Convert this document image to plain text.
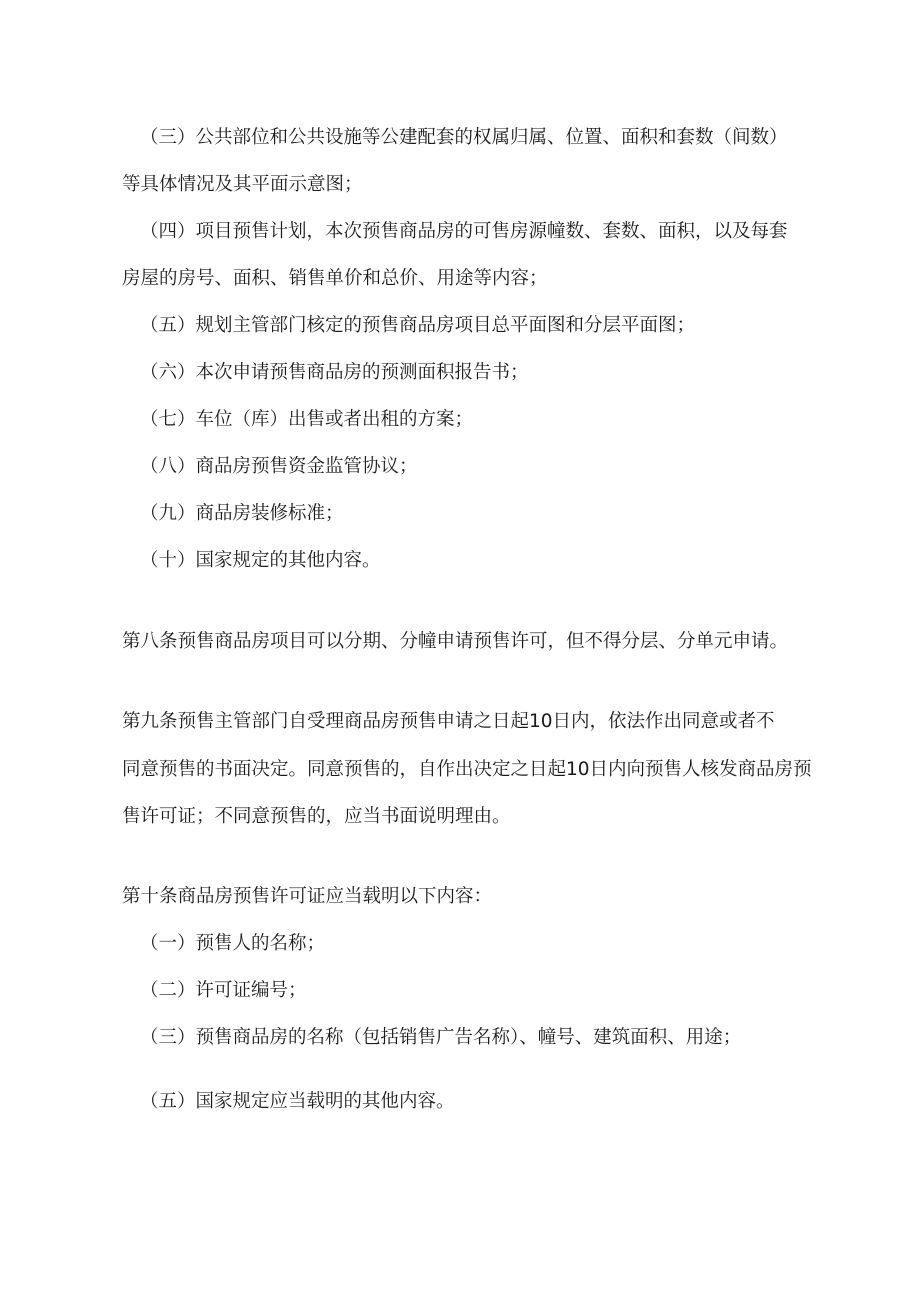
（三）公共部位和公共设施等公建配套的权属归属、位置、面积和套数（间数）

等具体情况及其平面示意图；

（四）项目预售计划，本次预售商品房的可售房源幢数、套数、面积，以及每套

房屋的房号、面积、销售单价和总价、用途等内容；

（五）规划主管部门核定的预售商品房项目总平面图和分层平面图；

（六）本次申请预售商品房的预测面积报告书；

（七）车位（库）出售或者出租的方案；

（八）商品房预售资金监管协议；

（九）商品房装修标准；

（十）国家规定的其他内容。

第八条预售商品房项目可以分期、分幢申请预售许可，但不得分层、分单元申请。

第九条预售主管部门自受理商品房预售申请之日起10日内，依法作出同意或者不

同意预售的书面决定。同意预售的，自作出决定之日起10日内向预售人核发商品房预

售许可证；不同意预售的，应当书面说明理由。

第十条商品房预售许可证应当载明以下内容：

（一）预售人的名称；

（二）许可证编号；

（三）预售商品房的名称（包括销售广告名称）、幢号、建筑面积、用途；

（五）国家规定应当载明的其他内容。
